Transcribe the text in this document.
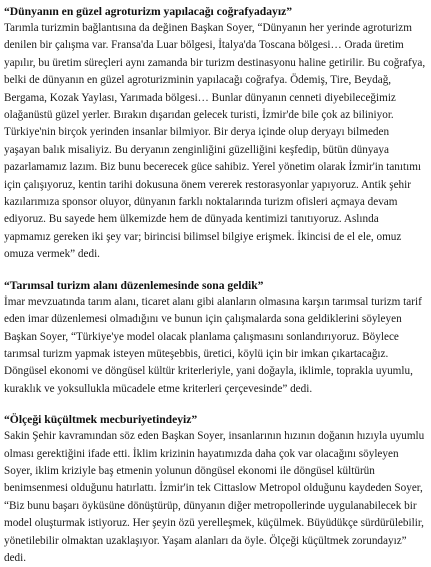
“Dünyanın en güzel agroturizm yapılacağı coğrafyadayız”

Tarımla turizmin bağlantısına da değinen Başkan Soyer, “Dünyanın her yerinde agroturizm denilen bir çalışma var. Fransa'da Luar bölgesi, İtalya'da Toscana bölgesi… Orada üretim yapılır, bu üretim süreçleri aynı zamanda bir turizm destinasyonu haline getirilir. Bu coğrafya, belki de dünyanın en güzel agroturizminin yapılacağı coğrafya. Ödemiş, Tire, Beydağ, Bergama, Kozak Yaylası, Yarımada bölgesi… Bunlar dünyanın cenneti diyebileceğimiz olağanüstü güzel yerler. Bırakın dışarıdan gelecek turisti, İzmir'de bile çok az biliniyor. Türkiye'nin birçok yerinden insanlar bilmiyor. Bir derya içinde olup deryayı bilmeden yaşayan balık misaliyiz. Bu deryanın zenginliğini güzelliğini keşfedip, bütün dünyaya pazarlamamız lazım. Biz bunu becerecek güce sahibiz. Yerel yönetim olarak İzmir'in tanıtımı için çalışıyoruz, kentin tarihi dokusuna önem vererek restorasyonlar yapıyoruz. Antik şehir kazılarımıza sponsor oluyor, dünyanın farklı noktalarında turizm ofisleri açmaya devam ediyoruz. Bu sayede hem ülkemizde hem de dünyada kentimizi tanıtıyoruz. Aslında yapmamız gereken iki şey var; birincisi bilimsel bilgiye erişmek. İkincisi de el ele, omuz omuza vermek” dedi.

“Tarımsal turizm alanı düzenlemesinde sona geldik”

İmar mevzuatında tarım alanı, ticaret alanı gibi alanların olmasına karşın tarımsal turizm tarif eden imar düzenlemesi olmadığını ve bunun için çalışmalarda sona geldiklerini söyleyen Başkan Soyer, “Türkiye'ye model olacak planlama çalışmasını sonlandırıyoruz. Böylece tarımsal turizm yapmak isteyen müteşebbis, üretici, köylü için bir imkan çıkartacağız. Döngüsel ekonomi ve döngüsel kültür kriterleriyle, yani doğayla, iklimle, toprakla uyumlu, kuraklık ve yoksullukla mücadele etme kriterleri çerçevesinde” dedi.

“Ölçeği küçültmek mecburiyetindeyiz”

Sakin Şehir kavramından söz eden Başkan Soyer, insanlarının hızının doğanın hızıyla uyumlu olması gerektiğini ifade etti. İklim krizinin hayatımızda daha çok var olacağını söyleyen Soyer, iklim kriziyle baş etmenin yolunun döngüsel ekonomi ile döngüsel kültürün benimsenmesi olduğunu hatırlattı. İzmir'in tek Cittaslow Metropol olduğunu kaydeden Soyer, “Biz bunu başarı öyküsüne dönüştürüp, dünyanın diğer metropollerinde uygulanabilecek bir model oluşturmak istiyoruz. Her şeyin özü yerelleşmek, küçülmek. Büyüdükçe sürdürülebilir, yönetilebilir olmaktan uzaklaşıyor. Yaşam alanları da öyle. Ölçeği küçültmek zorundayız” dedi.
